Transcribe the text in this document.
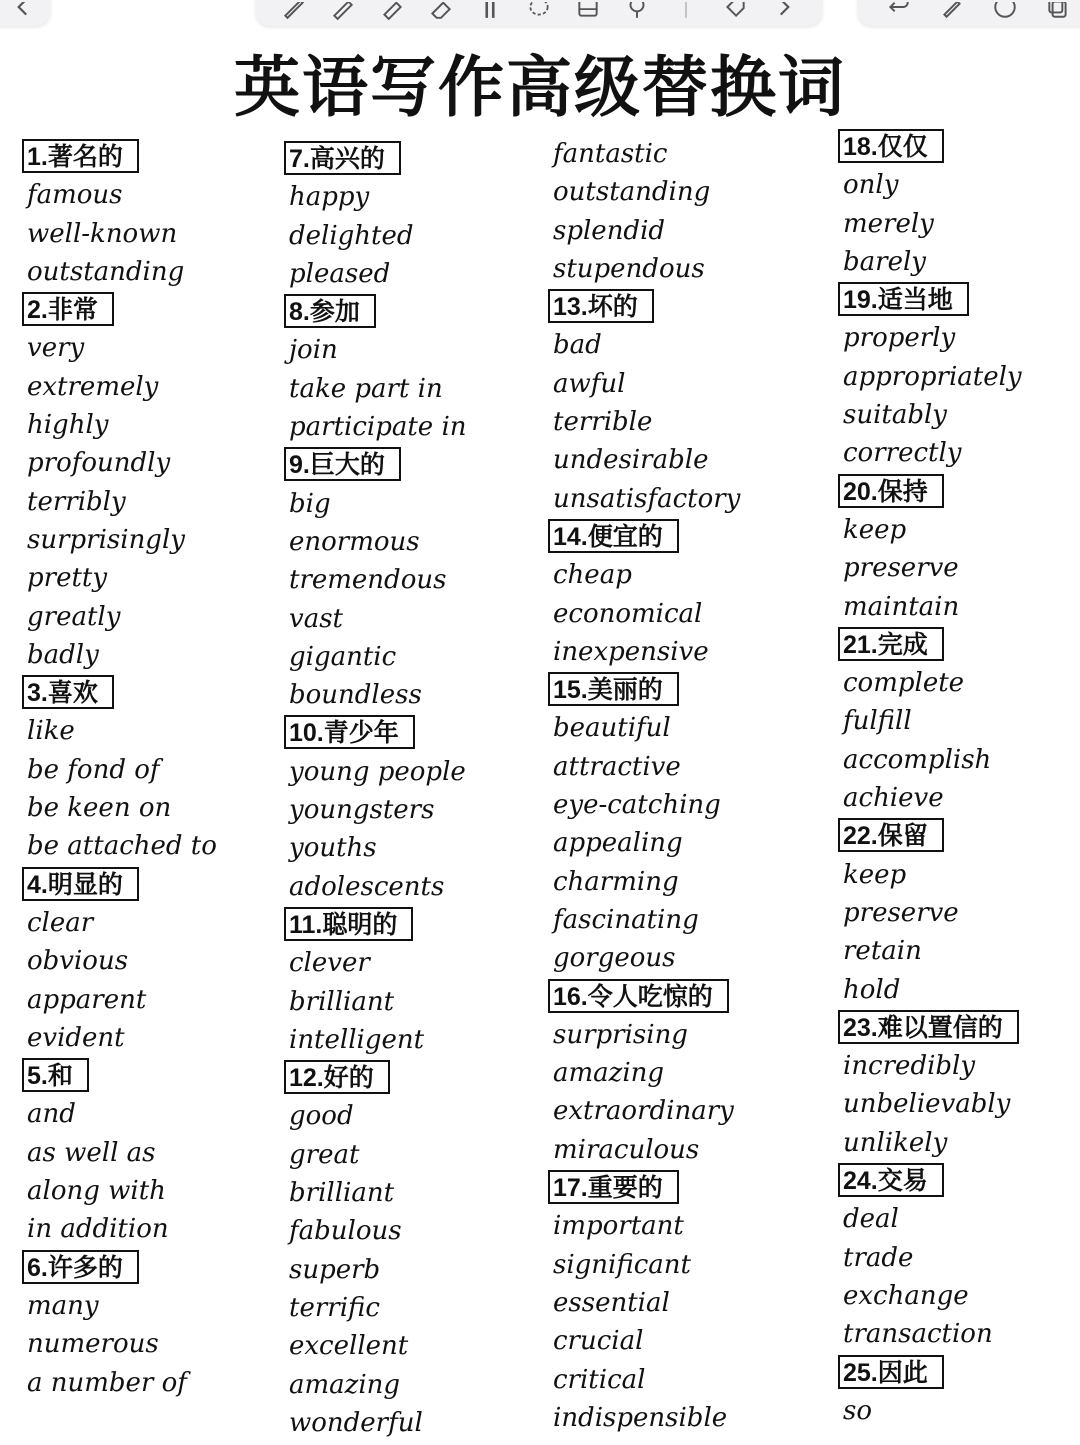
英语写作高级替换词
1.著名的
famous
well-known
outstanding
2.非常
very
extremely
highly
profoundly
terribly
surprisingly
pretty
greatly
badly
3.喜欢
like
be fond of
be keen on
be attached to
4.明显的
clear
obvious
apparent
evident
5.和
and
as well as
along with
in addition
6.许多的
many
numerous
a number of
7.高兴的
happy
delighted
pleased
8.参加
join
take part in
participate in
9.巨大的
big
enormous
tremendous
vast
gigantic
boundless
10.青少年
young people
youngsters
youths
adolescents
11.聪明的
clever
brilliant
intelligent
12.好的
good
great
brilliant
fabulous
superb
terrific
excellent
amazing
wonderful
fantastic
outstanding
splendid
stupendous
13.坏的
bad
awful
terrible
undesirable
unsatisfactory
14.便宜的
cheap
economical
inexpensive
15.美丽的
beautiful
attractive
eye-catching
appealing
charming
fascinating
gorgeous
16.令人吃惊的
surprising
amazing
extraordinary
miraculous
17.重要的
important
significant
essential
crucial
critical
indispensible
18.仅仅
only
merely
barely
19.适当地
properly
appropriately
suitably
correctly
20.保持
keep
preserve
maintain
21.完成
complete
fulfill
accomplish
achieve
22.保留
keep
preserve
retain
hold
23.难以置信的
incredibly
unbelievably
unlikely
24.交易
deal
trade
exchange
transaction
25.因此
so
